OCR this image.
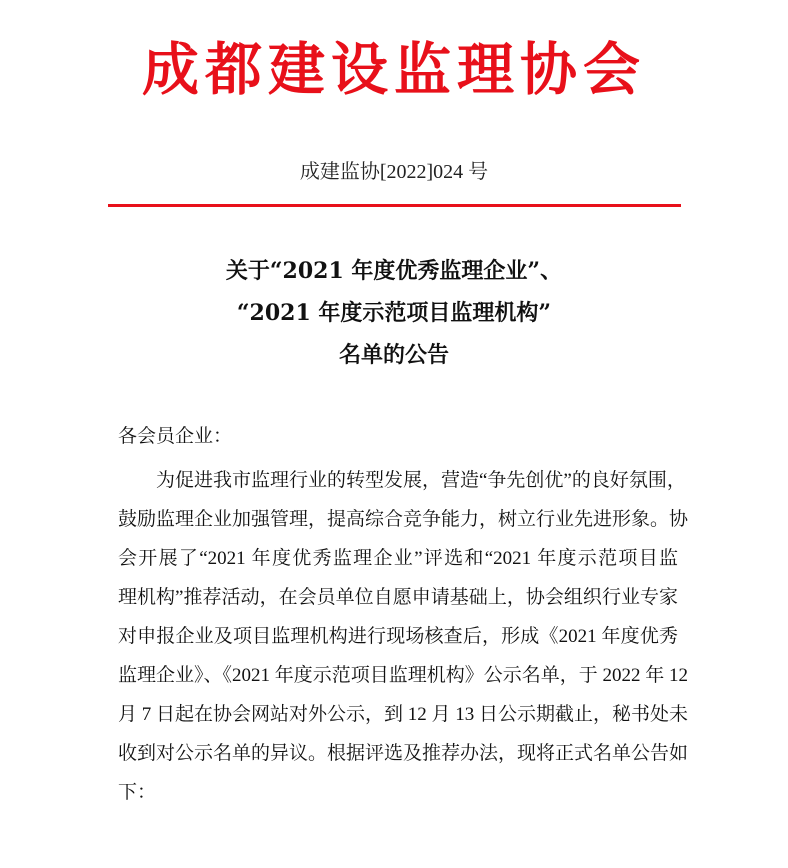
成都建设监理协会
成建监协[2022]024 号
关于“2021 年度优秀监理企业”、
“2021 年度示范项目监理机构”
名单的公告
各会员企业：
为促进我市监理行业的转型发展，营造“争先创优”的良好氛围，
鼓励监理企业加强管理，提高综合竞争能力，树立行业先进形象。协
会开展了“2021 年度优秀监理企业”评选和“2021 年度示范项目监
理机构”推荐活动，在会员单位自愿申请基础上，协会组织行业专家
对申报企业及项目监理机构进行现场核查后，形成《2021 年度优秀
监理企业》、《2021 年度示范项目监理机构》公示名单，于 2022 年 12
月 7 日起在协会网站对外公示，到 12 月 13 日公示期截止，秘书处未
收到对公示名单的异议。根据评选及推荐办法，现将正式名单公告如
下：
